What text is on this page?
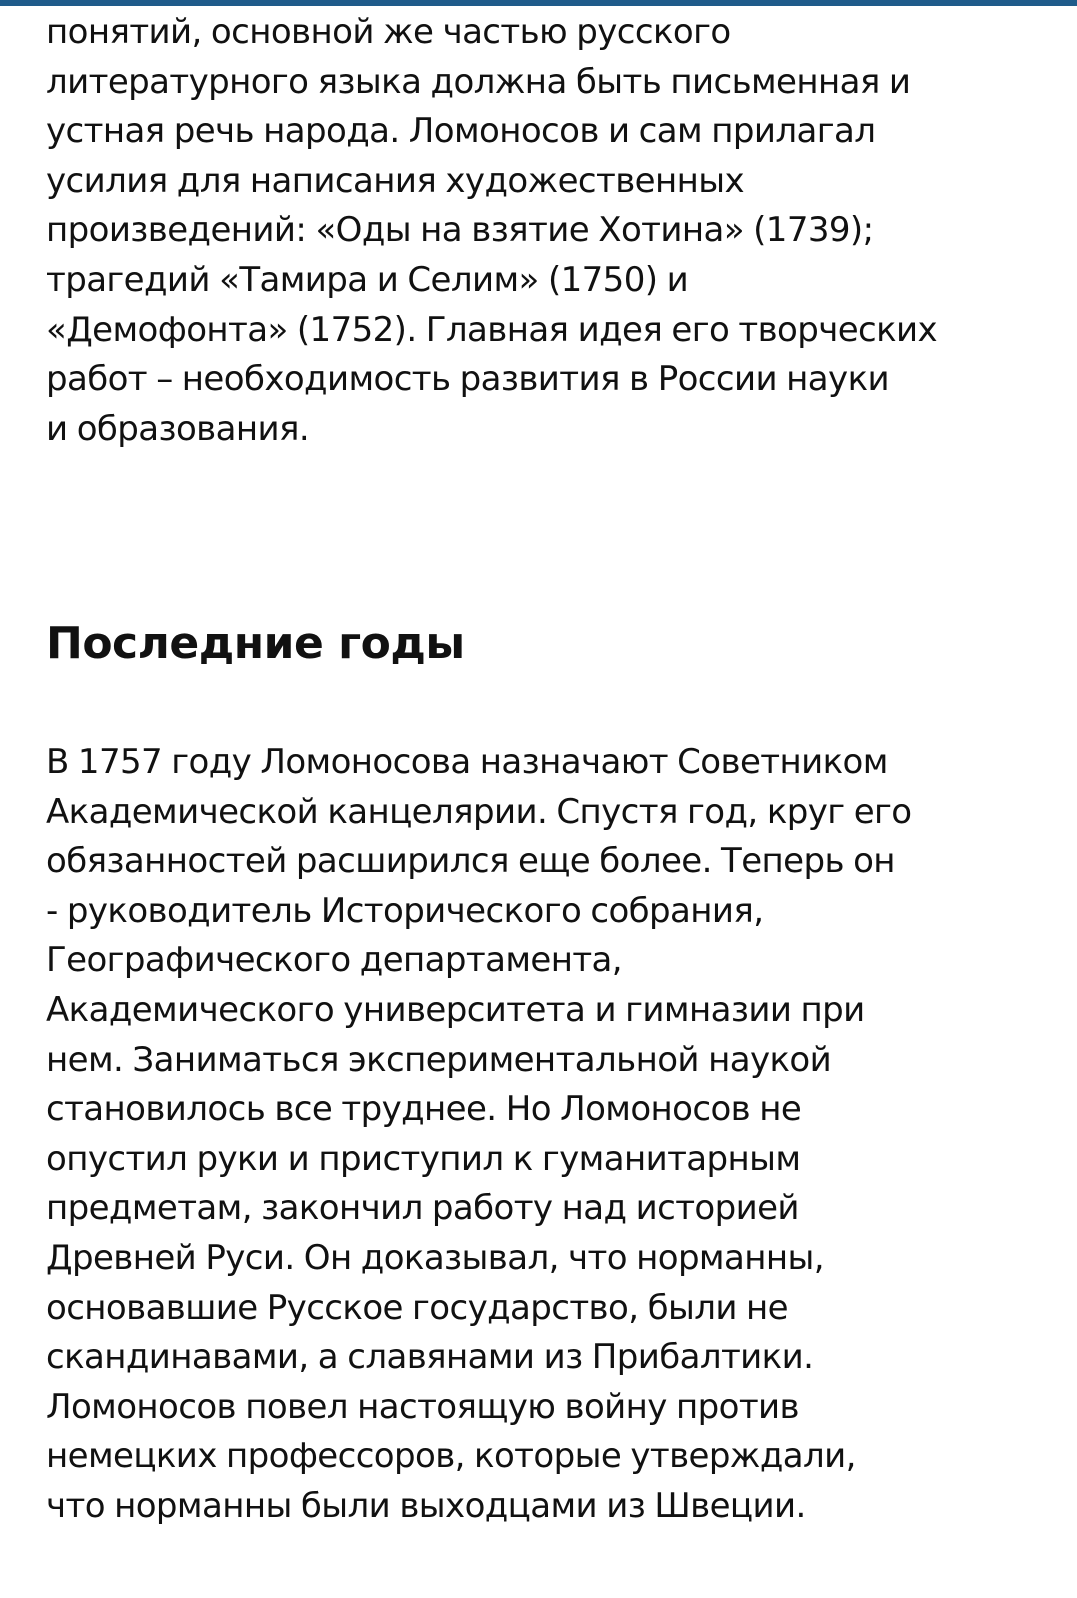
понятий, основной же частью русского
литературного языка должна быть письменная и
устная речь народа. Ломоносов и сам прилагал
усилия для написания художественных
произведений: «Оды на взятие Хотина» (1739);
трагедий «Тамира и Селим» (1750) и
«Демофонта» (1752). Главная идея его творческих
работ – необходимость развития в России науки
и образования.

Последние годы

В 1757 году Ломоносова назначают Советником
Академической канцелярии. Спустя год, круг его
обязанностей расширился еще более. Теперь он
- руководитель Исторического собрания,
Географического департамента,
Академического университета и гимназии при
нем. Заниматься экспериментальной наукой
становилось все труднее. Но Ломоносов не
опустил руки и приступил к гуманитарным
предметам, закончил работу над историей
Древней Руси. Он доказывал, что норманны,
основавшие Русское государство, были не
скандинавами, а славянами из Прибалтики.
Ломоносов повел настоящую войну против
немецких профессоров, которые утверждали,
что норманны были выходцами из Швеции.
